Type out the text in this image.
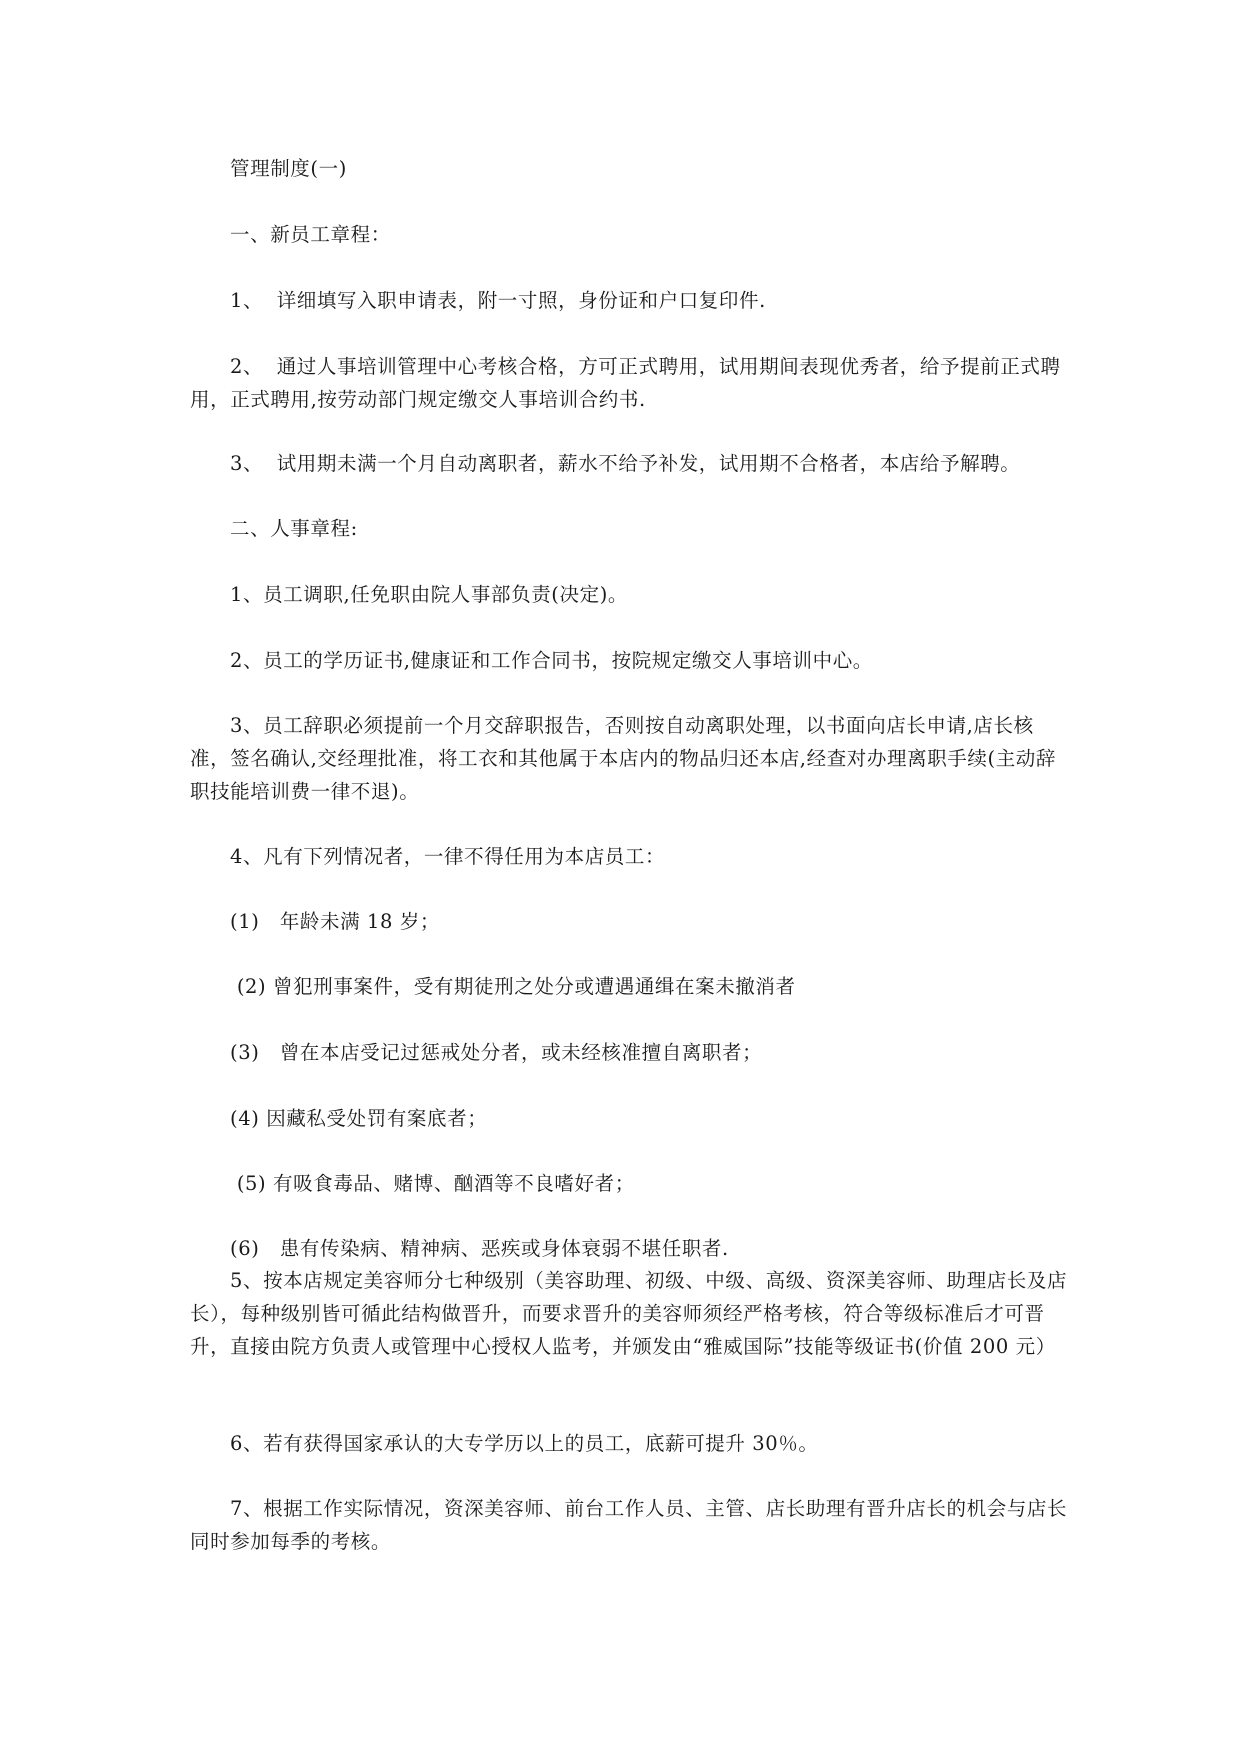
管理制度(一)
一、新员工章程：
1、  详细填写入职申请表，附一寸照，身份证和户口复印件.
2、  通过人事培训管理中心考核合格，方可正式聘用，试用期间表现优秀者，给予提前正式聘用，正式聘用,按劳动部门规定缴交人事培训合约书.
3、  试用期未满一个月自动离职者，薪水不给予补发，试用期不合格者，本店给予解聘。
二、人事章程:
1、员工调职,任免职由院人事部负责(决定)。
2、员工的学历证书,健康证和工作合同书，按院规定缴交人事培训中心。
3、员工辞职必须提前一个月交辞职报告，否则按自动离职处理，以书面向店长申请,店长核准，签名确认,交经理批准，将工衣和其他属于本店内的物品归还本店,经查对办理离职手续(主动辞职技能培训费一律不退)。
4、凡有下列情况者，一律不得任用为本店员工：
(1)   年龄未满 18 岁；
(2) 曾犯刑事案件，受有期徒刑之处分或遭遇通缉在案未撤消者
(3)   曾在本店受记过惩戒处分者，或未经核准擅自离职者；
(4) 因藏私受处罚有案底者；
(5) 有吸食毒品、赌博、酗酒等不良嗜好者；
(6)   患有传染病、精神病、恶疾或身体衰弱不堪任职者.
5、按本店规定美容师分七种级别（美容助理、初级、中级、高级、资深美容师、助理店长及店长），每种级别皆可循此结构做晋升，而要求晋升的美容师须经严格考核，符合等级标准后才可晋升，直接由院方负责人或管理中心授权人监考，并颁发由“雅威国际”技能等级证书(价值 200 元）
6、若有获得国家承认的大专学历以上的员工，底薪可提升 30％。
7、根据工作实际情况，资深美容师、前台工作人员、主管、店长助理有晋升店长的机会与店长同时参加每季的考核。
